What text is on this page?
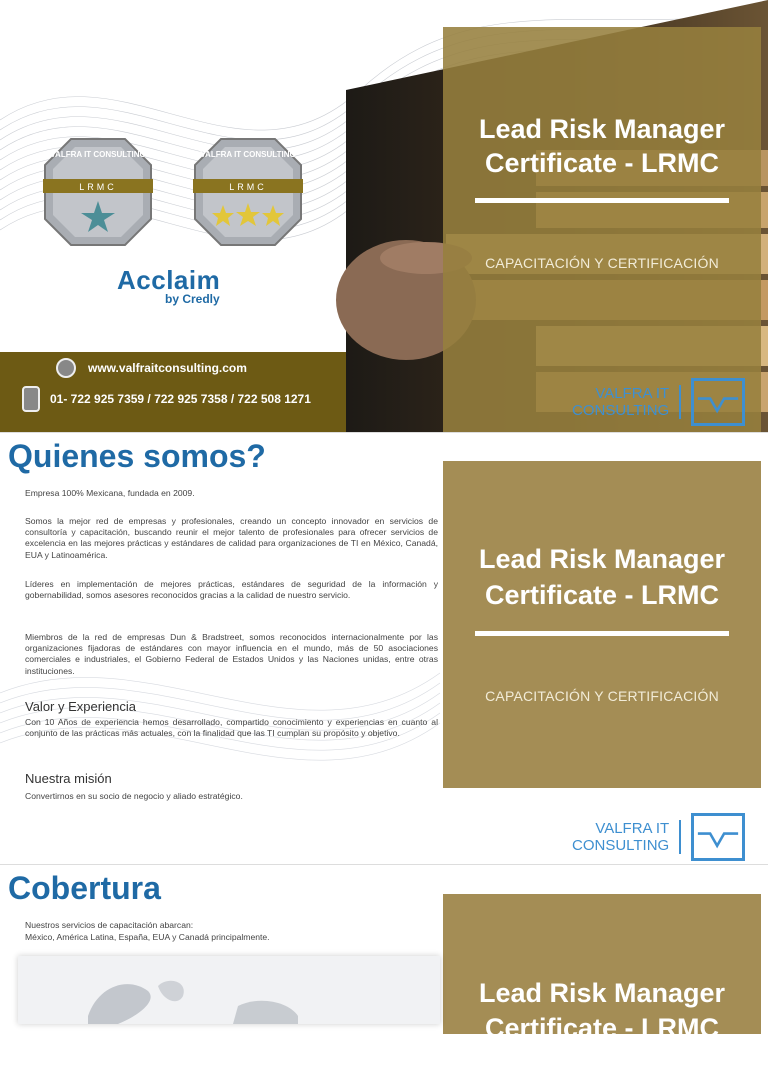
VALFRA IT CONSULTING
LRMC
VALFRA IT CONSULTING
LRMC
Acclaim
by Credly
www.valfraitconsulting.com
01- 722 925 7359 / 722 925 7358 / 722 508 1271
Lead Risk Manager
Certificate - LRMC
CAPACITACIÓN Y CERTIFICACIÓN
VALFRA IT
CONSULTING
Quienes somos?
Empresa 100% Mexicana, fundada en 2009.
Somos la mejor red de empresas y profesionales, creando un concepto innovador en servicios de consultoría y capacitación, buscando reunir el mejor talento de profesionales para ofrecer servicios de excelencia en las mejores prácticas y estándares de calidad para organizaciones de TI en México, Canadá, EUA y Latinoamérica.
Líderes en implementación de mejores prácticas, estándares de seguridad de la información y gobernabilidad, somos asesores reconocidos gracias a la calidad de nuestro servicio.
Miembros de la red de empresas Dun & Bradstreet, somos reconocidos internacionalmente por las organizaciones fijadoras de estándares con mayor influencia en el mundo, más de 50 asociaciones comerciales e industriales, el Gobierno Federal de Estados Unidos y las Naciones unidas, entre otras instituciones.
Valor y Experiencia
Con 10 Años de experiencia hemos desarrollado, compartido conocimiento y experiencias en cuanto al conjunto de las prácticas más actuales, con la finalidad que las TI cumplan su propósito y objetivo.
Nuestra misión
Convertirnos en su socio de negocio y aliado estratégico.
Lead Risk Manager
Certificate - LRMC
CAPACITACIÓN Y CERTIFICACIÓN
VALFRA IT
CONSULTING
Cobertura
Nuestros servicios de capacitación abarcan:
México, América Latina, España, EUA y Canadá principalmente.
Lead Risk Manager
Certificate - LRMC
